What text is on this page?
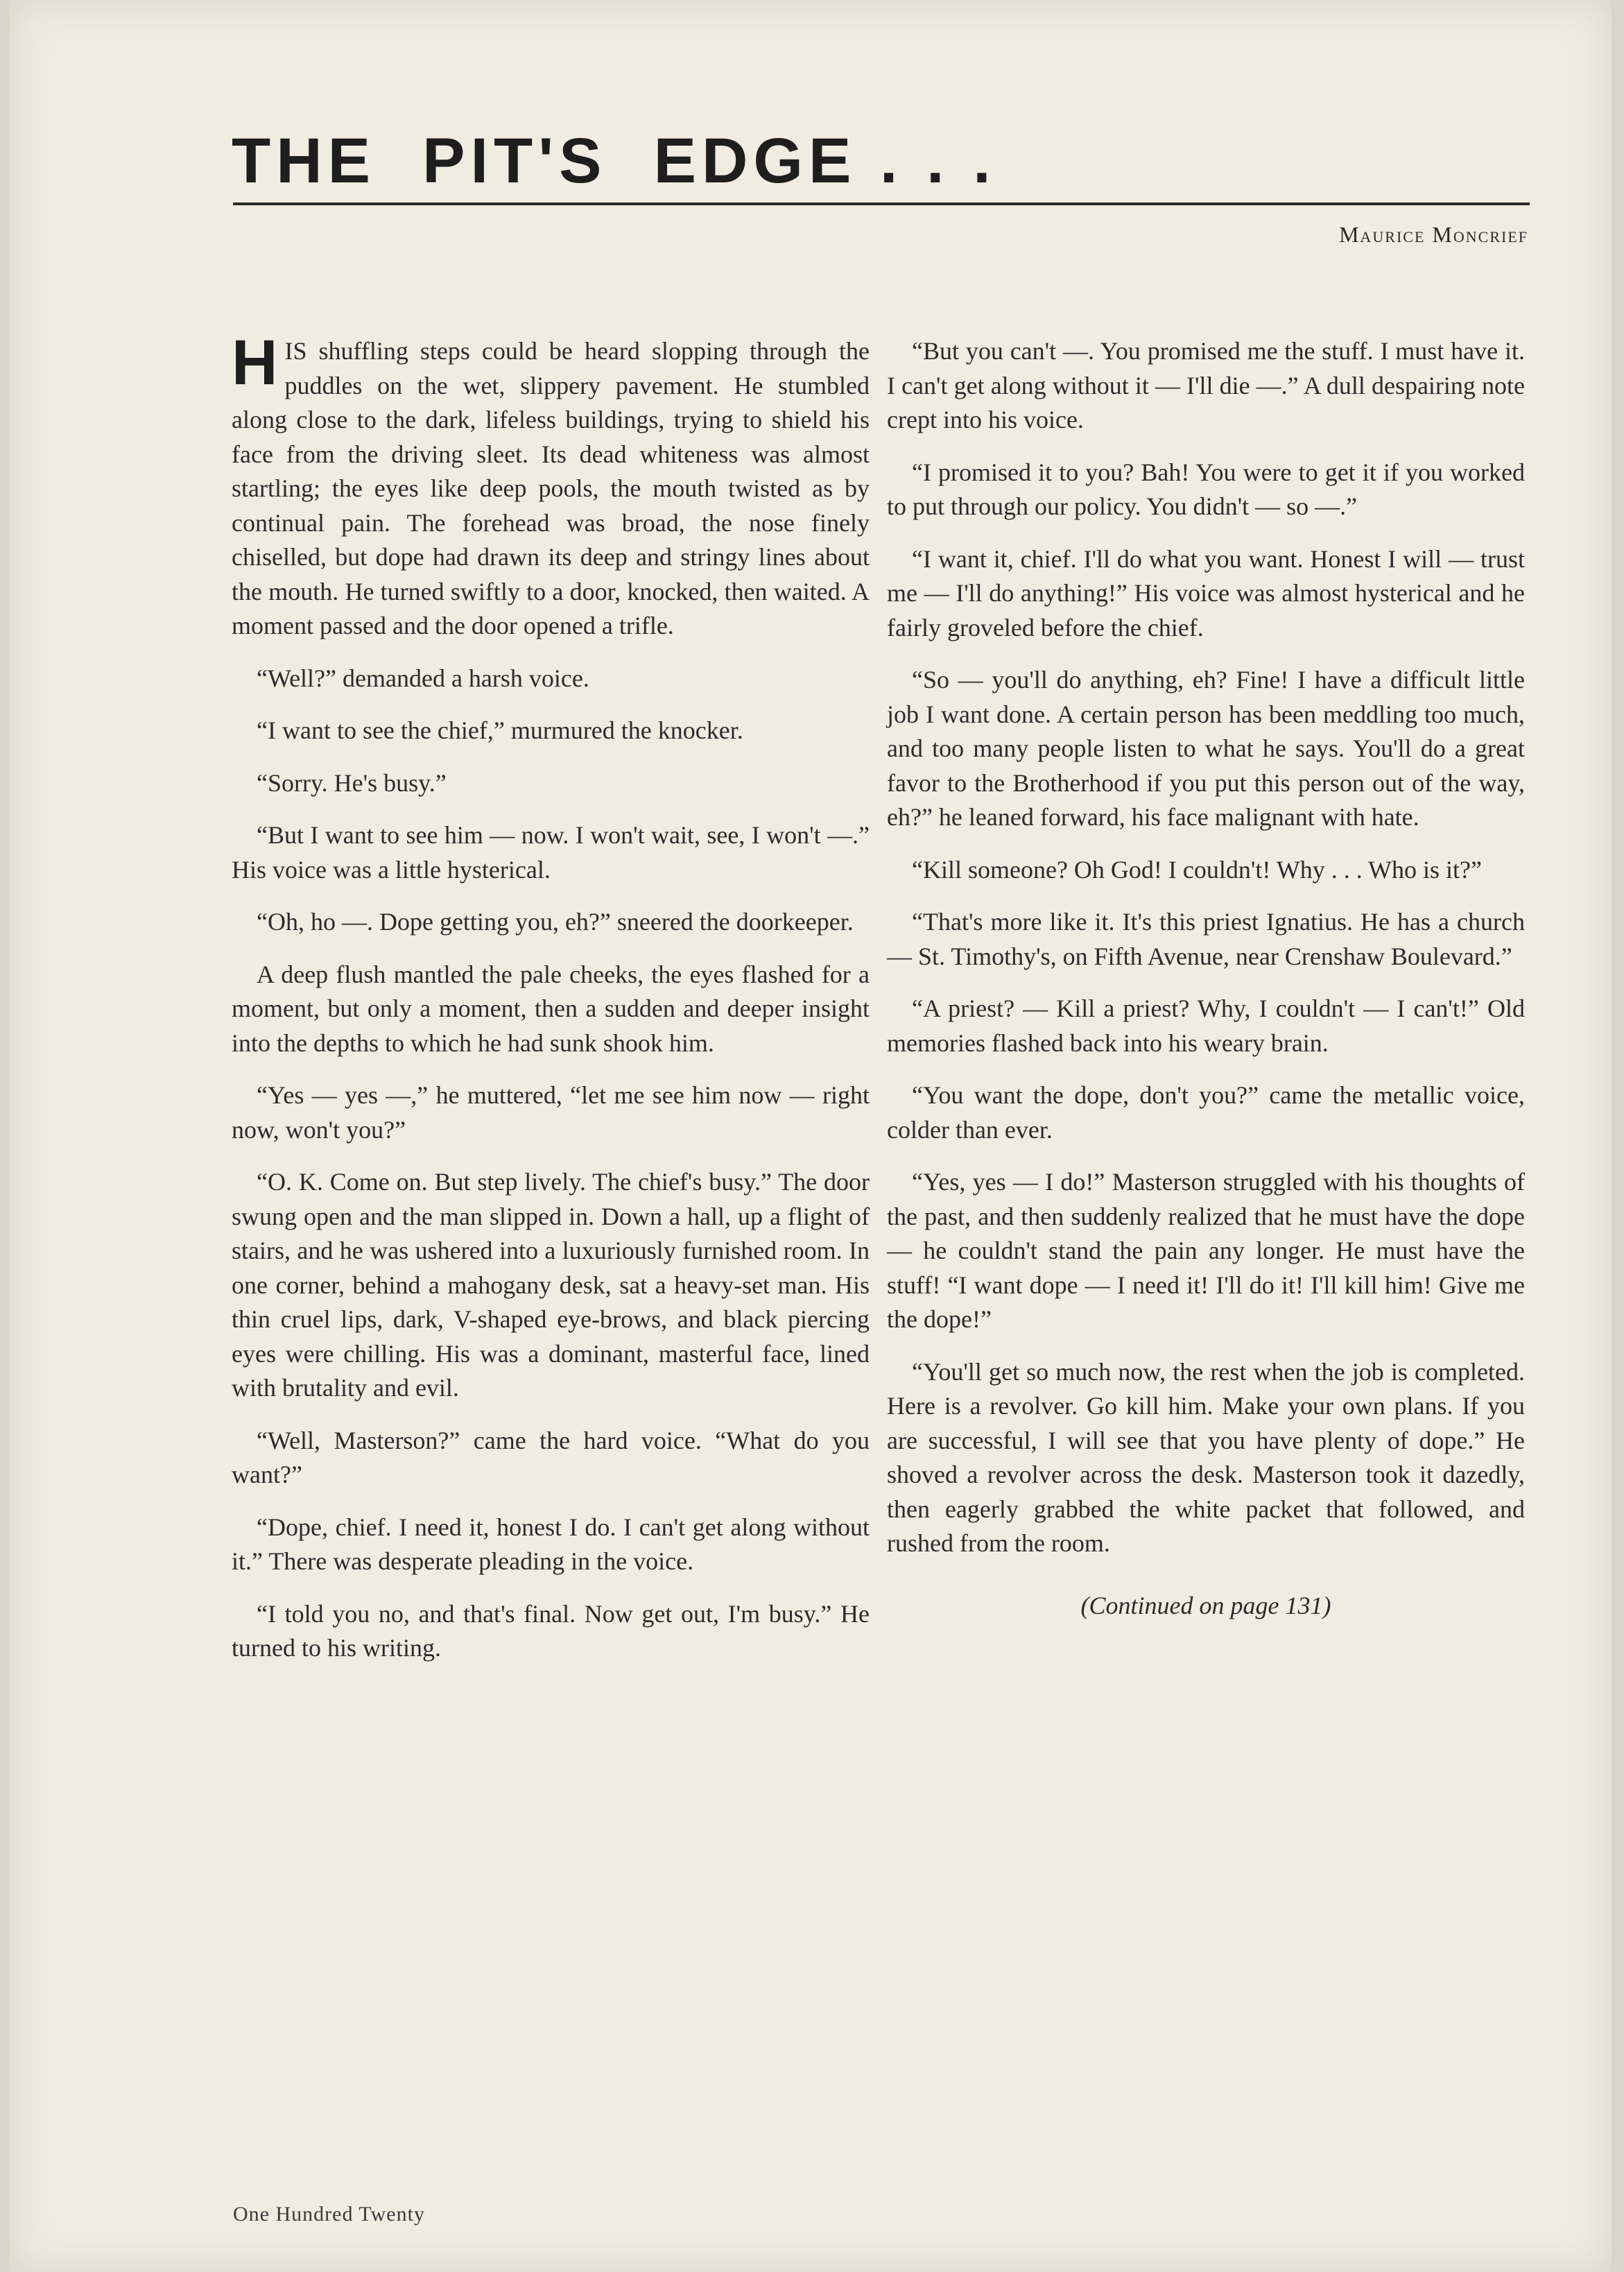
THE  PIT'S  EDGE . . .
Maurice Moncrief

HIS shuffling steps could be heard slopping through the puddles on the wet, slippery pavement. He stumbled along close to the dark, lifeless buildings, trying to shield his face from the driving sleet. Its dead whiteness was almost startling; the eyes like deep pools, the mouth twisted as by continual pain. The forehead was broad, the nose finely chiselled, but dope had drawn its deep and stringy lines about the mouth. He turned swiftly to a door, knocked, then waited. A moment passed and the door opened a trifle.

“Well?” demanded a harsh voice.

“I want to see the chief,” murmured the knocker.

“Sorry. He's busy.”

“But I want to see him — now. I won't wait, see, I won't —.” His voice was a little hysterical.

“Oh, ho —. Dope getting you, eh?” sneered the doorkeeper.

A deep flush mantled the pale cheeks, the eyes flashed for a moment, but only a moment, then a sudden and deeper insight into the depths to which he had sunk shook him.

“Yes — yes —,” he muttered, “let me see him now — right now, won't you?”

“O. K. Come on. But step lively. The chief's busy.” The door swung open and the man slipped in. Down a hall, up a flight of stairs, and he was ushered into a luxuriously furnished room. In one corner, behind a mahogany desk, sat a heavy-set man. His thin cruel lips, dark, V-shaped eye-brows, and black piercing eyes were chilling. His was a dominant, masterful face, lined with brutality and evil.

“Well, Masterson?” came the hard voice. “What do you want?”

“Dope, chief. I need it, honest I do. I can't get along without it.” There was desperate pleading in the voice.

“I told you no, and that's final. Now get out, I'm busy.” He turned to his writing.

“But you can't —. You promised me the stuff. I must have it. I can't get along without it — I'll die —.” A dull despairing note crept into his voice.

“I promised it to you? Bah! You were to get it if you worked to put through our policy. You didn't — so —.”

“I want it, chief. I'll do what you want. Honest I will — trust me — I'll do anything!” His voice was almost hysterical and he fairly groveled before the chief.

“So — you'll do anything, eh? Fine! I have a difficult little job I want done. A certain person has been meddling too much, and too many people listen to what he says. You'll do a great favor to the Brotherhood if you put this person out of the way, eh?” he leaned forward, his face malignant with hate.

“Kill someone? Oh God! I couldn't! Why . . . Who is it?”

“That's more like it. It's this priest Ignatius. He has a church — St. Timothy's, on Fifth Avenue, near Crenshaw Boulevard.”

“A priest? — Kill a priest? Why, I couldn't — I can't!” Old memories flashed back into his weary brain.

“You want the dope, don't you?” came the metallic voice, colder than ever.

“Yes, yes — I do!” Masterson struggled with his thoughts of the past, and then suddenly realized that he must have the dope — he couldn't stand the pain any longer. He must have the stuff! “I want dope — I need it! I'll do it! I'll kill him! Give me the dope!”

“You'll get so much now, the rest when the job is completed. Here is a revolver. Go kill him. Make your own plans. If you are successful, I will see that you have plenty of dope.” He shoved a revolver across the desk. Masterson took it dazedly, then eagerly grabbed the white packet that followed, and rushed from the room.

(Continued on page 131)

One Hundred Twenty
